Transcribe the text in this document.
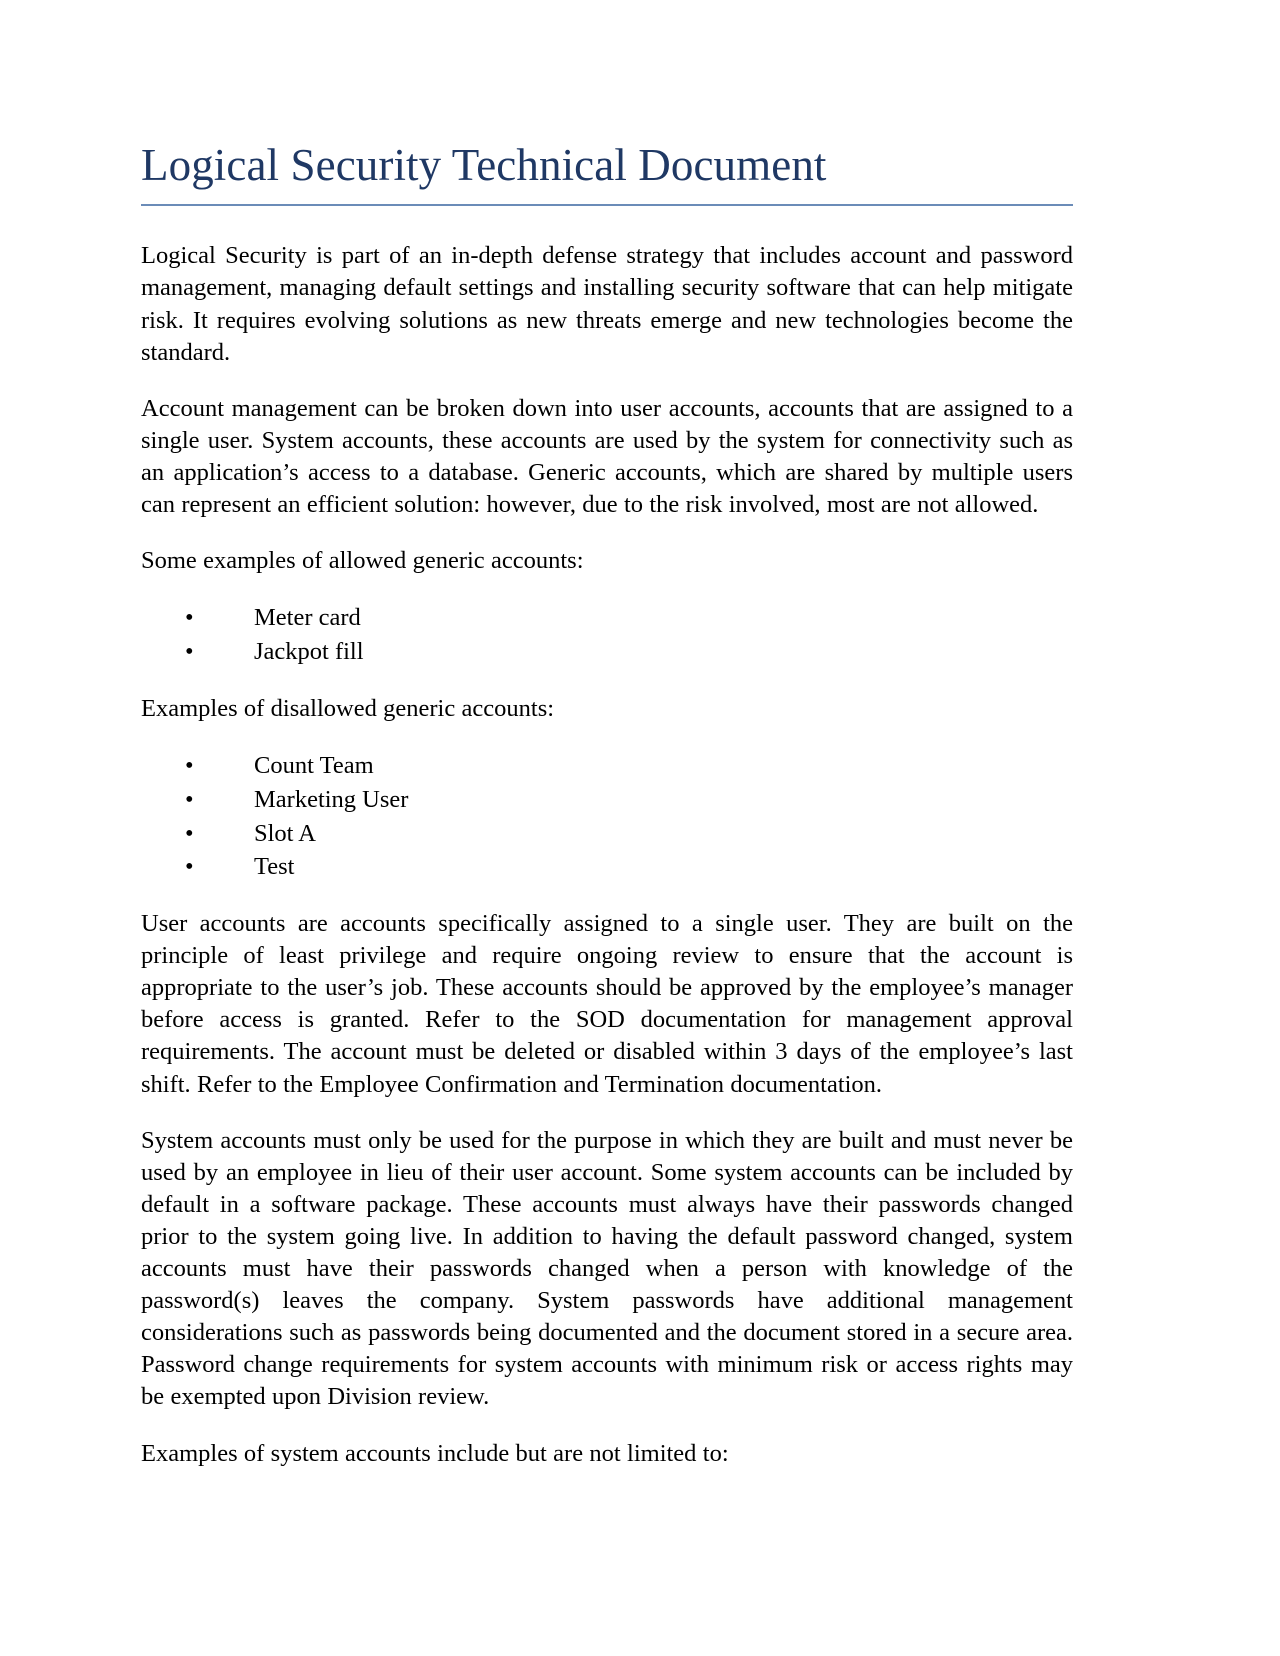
Logical Security Technical Document

Logical Security is part of an in-depth defense strategy that includes account and password management, managing default settings and installing security software that can help mitigate risk. It requires evolving solutions as new threats emerge and new technologies become the standard.

Account management can be broken down into user accounts, accounts that are assigned to a single user. System accounts, these accounts are used by the system for connectivity such as an application’s access to a database. Generic accounts, which are shared by multiple users can represent an efficient solution: however, due to the risk involved, most are not allowed.

Some examples of allowed generic accounts:

• Meter card
• Jackpot fill

Examples of disallowed generic accounts:

• Count Team
• Marketing User
• Slot A
• Test

User accounts are accounts specifically assigned to a single user. They are built on the principle of least privilege and require ongoing review to ensure that the account is appropriate to the user’s job. These accounts should be approved by the employee’s manager before access is granted. Refer to the SOD documentation for management approval requirements. The account must be deleted or disabled within 3 days of the employee’s last shift. Refer to the Employee Confirmation and Termination documentation.

System accounts must only be used for the purpose in which they are built and must never be used by an employee in lieu of their user account. Some system accounts can be included by default in a software package. These accounts must always have their passwords changed prior to the system going live. In addition to having the default password changed, system accounts must have their passwords changed when a person with knowledge of the password(s) leaves the company. System passwords have additional management considerations such as passwords being documented and the document stored in a secure area. Password change requirements for system accounts with minimum risk or access rights may be exempted upon Division review.

Examples of system accounts include but are not limited to:
